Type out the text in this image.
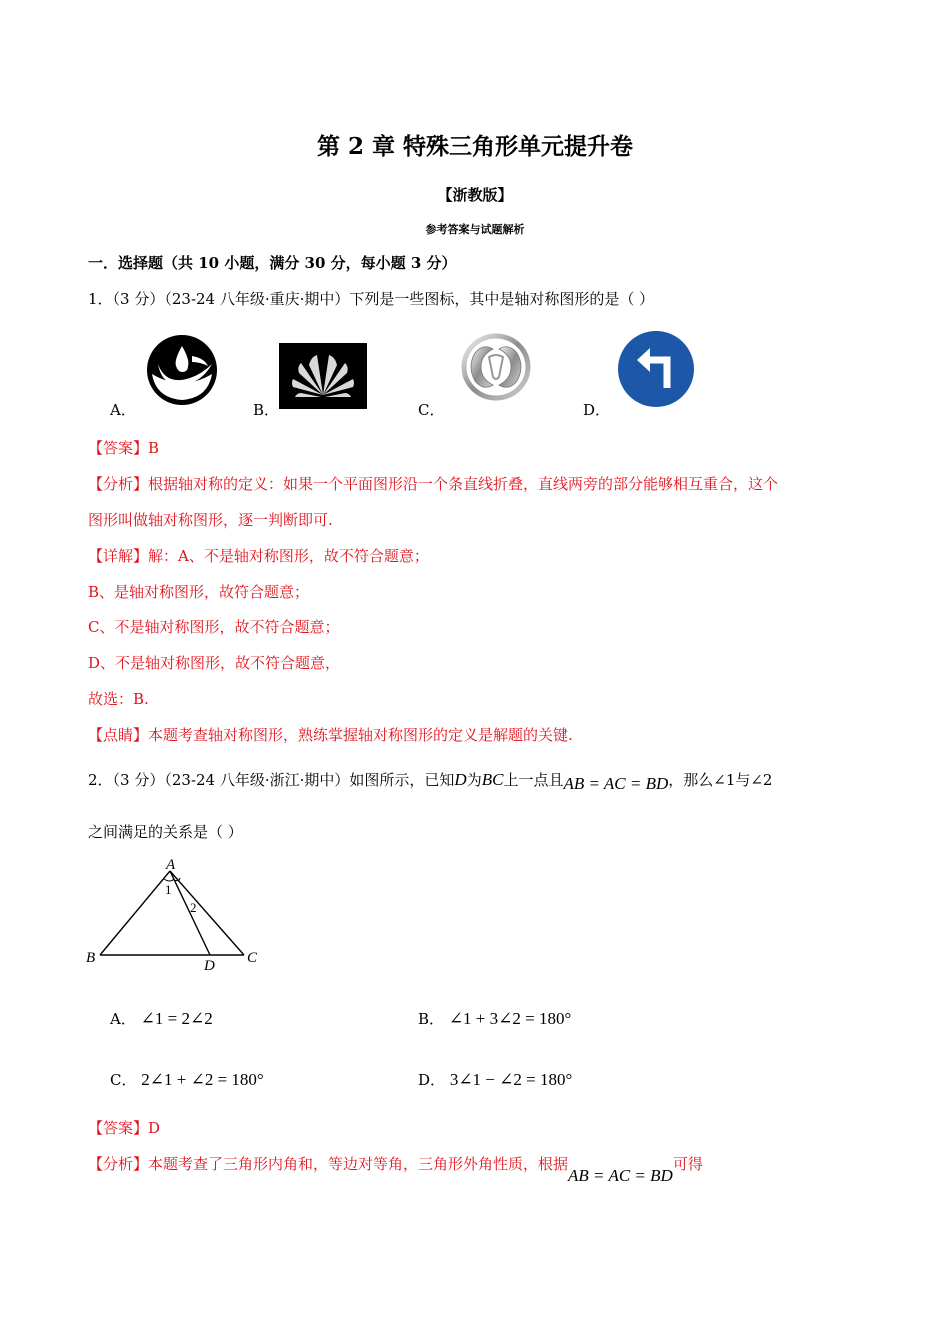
第 2 章 特殊三角形单元提升卷
【浙教版】
参考答案与试题解析
一．选择题（共 10 小题，满分 30 分，每小题 3 分）
1．（3 分）（23-24 八年级·重庆·期中）下列是一些图标，其中是轴对称图形的是（ ）
A．	B．	C．	D．
【答案】B
【分析】根据轴对称的定义：如果一个平面图形沿一个条直线折叠，直线两旁的部分能够相互重合，这个
图形叫做轴对称图形，逐一判断即可.
【详解】解：A、不是轴对称图形，故不符合题意；
B、是轴对称图形，故符合题意；
C、不是轴对称图形，故不符合题意；
D、不是轴对称图形，故不符合题意，
故选：B.
【点睛】本题考查轴对称图形，熟练掌握轴对称图形的定义是解题的关键.
2．（3 分）（23-24 八年级·浙江·期中）如图所示，已知D为BC上一点且AB = AC = BD，那么∠1与∠2
之间满足的关系是（ ）
A
B	C
D
1
2
A． ∠1 = 2∠2	B． ∠1 + 3∠2 = 180°
C． 2∠1 + ∠2 = 180°	D． 3∠1 − ∠2 = 180°
【答案】D
【分析】本题考查了三角形内角和，等边对等角，三角形外角性质，根据AB = AC = BD可得
